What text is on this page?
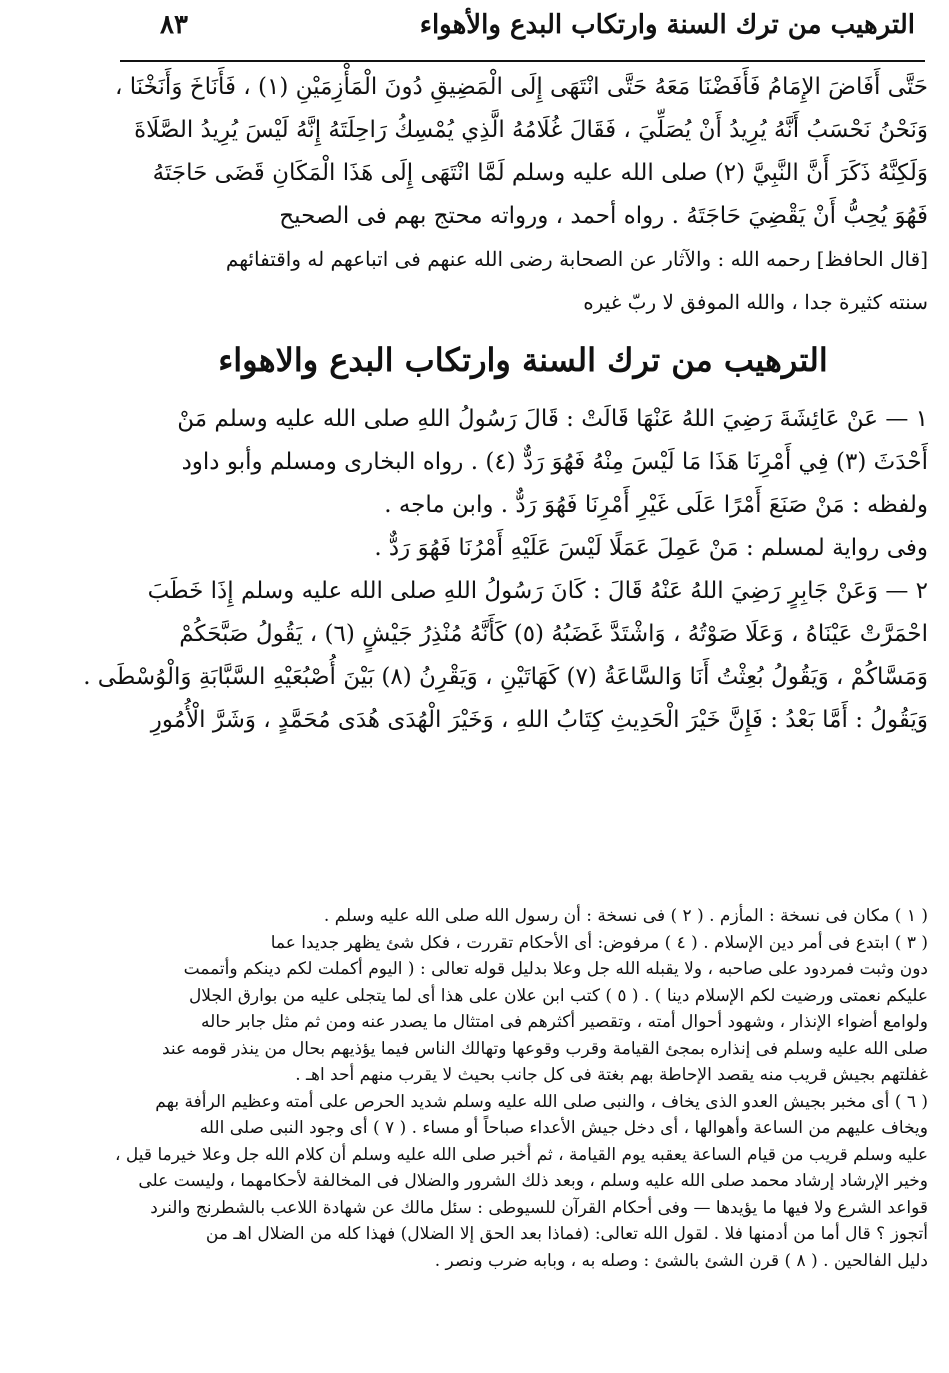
٨٣	الترهيب من ترك السنة وارتكاب البدع والأهواء
حَتَّى أَفَاضَ الإِمَامُ فَأَفَضْنَا مَعَهُ حَتَّى انْتَهَى إِلَى الْمَضِيقِ دُونَ الْمَأْزِمَيْنِ (١) ، فَأَنَاخَ وَأَنَخْنَا ،
وَنَحْنُ نَحْسَبُ أَنَّهُ يُرِيدُ أَنْ يُصَلِّيَ ، فَقَالَ غُلَامُهُ الَّذِي يُمْسِكُ رَاحِلَتَهُ إِنَّهُ لَيْسَ يُرِيدُ الصَّلَاةَ
وَلَكِنَّهُ ذَكَرَ أَنَّ النَّبِيَّ (٢) صلى الله عليه وسلم لَمَّا انْتَهَى إِلَى هَذَا الْمَكَانِ قَضَى حَاجَتَهُ
فَهُوَ يُحِبُّ أَنْ يَقْضِيَ حَاجَتَهُ . رواه أحمد ، ورواته محتج بهم فى الصحيح
[قال الحافظ] رحمه الله : والآثار عن الصحابة رضى الله عنهم فى اتباعهم له واقتفائهم
سنته كثيرة جدا ، والله الموفق لا ربّ غيره
الترهيب من ترك السنة وارتكاب البدع والاهواء
١ — عَنْ عَائِشَةَ رَضِيَ اللهُ عَنْهَا قَالَتْ : قَالَ رَسُولُ اللهِ صلى الله عليه وسلم مَنْ
أَحْدَثَ (٣) فِي أَمْرِنَا هَذَا مَا لَيْسَ مِنْهُ فَهُوَ رَدٌّ (٤) . رواه البخارى ومسلم وأبو داود
ولفظه : مَنْ صَنَعَ أَمْرًا عَلَى غَيْرِ أَمْرِنَا فَهُوَ رَدٌّ . وابن ماجه .
وفى رواية لمسلم : مَنْ عَمِلَ عَمَلًا لَيْسَ عَلَيْهِ أَمْرُنَا فَهُوَ رَدٌّ .
٢ — وَعَنْ جَابِرٍ رَضِيَ اللهُ عَنْهُ قَالَ : كَانَ رَسُولُ اللهِ صلى الله عليه وسلم إِذَا خَطَبَ
احْمَرَّتْ عَيْنَاهُ ، وَعَلَا صَوْتُهُ ، وَاشْتَدَّ غَضَبُهُ (٥) كَأَنَّهُ مُنْذِرُ جَيْشٍ (٦) ، يَقُولُ صَبَّحَكُمْ
وَمَسَّاكُمْ ، وَيَقُولُ بُعِثْتُ أَنَا وَالسَّاعَةُ (٧) كَهَاتَيْنِ ، وَيَقْرِنُ (٨) بَيْنَ أُصْبُعَيْهِ السَّبَّابَةِ وَالْوُسْطَى .
وَيَقُولُ : أَمَّا بَعْدُ : فَإِنَّ خَيْرَ الْحَدِيثِ كِتَابُ اللهِ ، وَخَيْرَ الْهُدَى هُدَى مُحَمَّدٍ ، وَشَرَّ الْأُمُورِ
( ١ ) مكان فى نسخة : المأزم . ( ٢ ) فى نسخة : أن رسول الله صلى الله عليه وسلم .
( ٣ ) ابتدع فى أمر دين الإسلام . ( ٤ ) مرفوض: أى الأحكام تقررت ، فكل شئ يظهر جديدا عما
دون وثبت فمردود على صاحبه ، ولا يقبله الله جل وعلا بدليل قوله تعالى : ( اليوم أكملت لكم دينكم وأتممت
عليكم نعمتى ورضيت لكم الإسلام دينا ) . ( ٥ ) كتب ابن علان على هذا أى لما يتجلى عليه من بوارق الجلال
ولوامع أضواء الإنذار ، وشهود أحوال أمته ، وتقصير أكثرهم فى امتثال ما يصدر عنه ومن ثم مثل جابر حاله
صلى الله عليه وسلم فى إنذاره بمجئ القيامة وقرب وقوعها وتهالك الناس فيما يؤذيهم بحال من ينذر قومه عند
غفلتهم بجيش قريب منه يقصد الإحاطة بهم بغتة فى كل جانب بحيث لا يقرب منهم أحد اهـ .
( ٦ ) أى مخبر بجيش العدو الذى يخاف ، والنبى صلى الله عليه وسلم شديد الحرص على أمته وعظيم الرأفة بهم
ويخاف عليهم من الساعة وأهوالها ، أى دخل جيش الأعداء صباحاً أو مساء . ( ٧ ) أى وجود النبى صلى الله
عليه وسلم قريب من قيام الساعة يعقبه يوم القيامة ، ثم أخبر صلى الله عليه وسلم أن كلام الله جل وعلا خيرما قيل ،
وخير الإرشاد إرشاد محمد صلى الله عليه وسلم ، وبعد ذلك الشرور والضلال فى المخالفة لأحكامهما ، وليست على
قواعد الشرع ولا فيها ما يؤيدها — وفى أحكام القرآن للسيوطى : سئل مالك عن شهادة اللاعب بالشطرنج والنرد
أتجوز ؟ قال أما من أدمنها فلا . لقول الله تعالى: (فماذا بعد الحق إلا الضلال) فهذا كله من الضلال اهـ من
دليل الفالحين . ( ٨ ) قرن الشئ بالشئ : وصله به ، وبابه ضرب ونصر .
